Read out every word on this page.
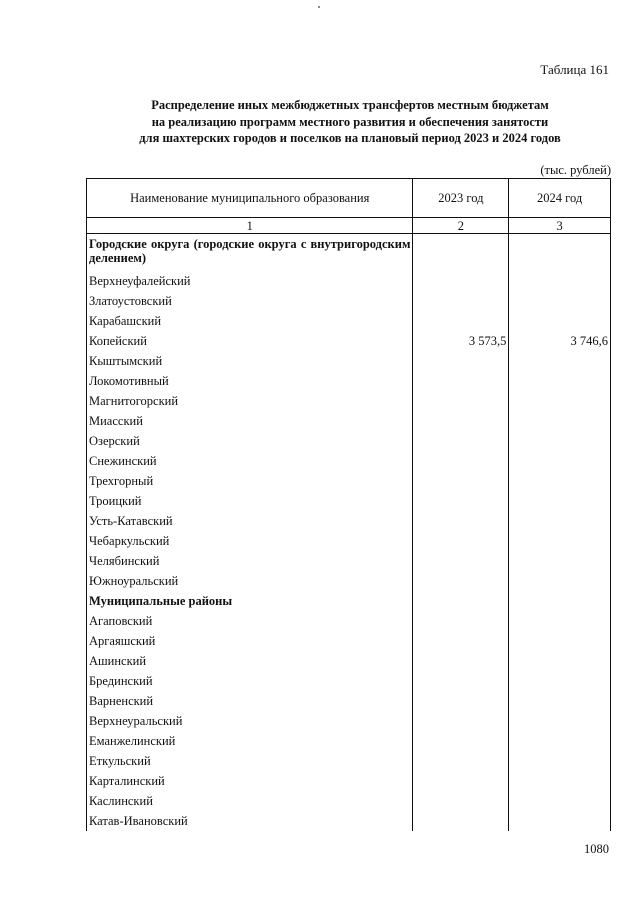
Таблица 161
Распределение иных межбюджетных трансфертов местным бюджетам
на реализацию программ местного развития и обеспечения занятости
для шахтерских городов и поселков на плановый период 2023 и 2024 годов
(тыс. рублей)
Наименование муниципального образования	2023 год	2024 год
1	2	3
Городские округа (городские округа с внутригородским делением)		
Верхнеуфалейский		
Златоустовский		
Карабашский		
Копейский	3 573,5	3 746,6
Кыштымский		
Локомотивный		
Магнитогорский		
Миасский		
Озерский		
Снежинский		
Трехгорный		
Троицкий		
Усть-Катавский		
Чебаркульский		
Челябинский		
Южноуральский		
Муниципальные районы		
Агаповский		
Аргаяшский		
Ашинский		
Брединский		
Варненский		
Верхнеуральский		
Еманжелинский		
Еткульский		
Карталинский		
Каслинский		
Катав-Ивановский		
1080
